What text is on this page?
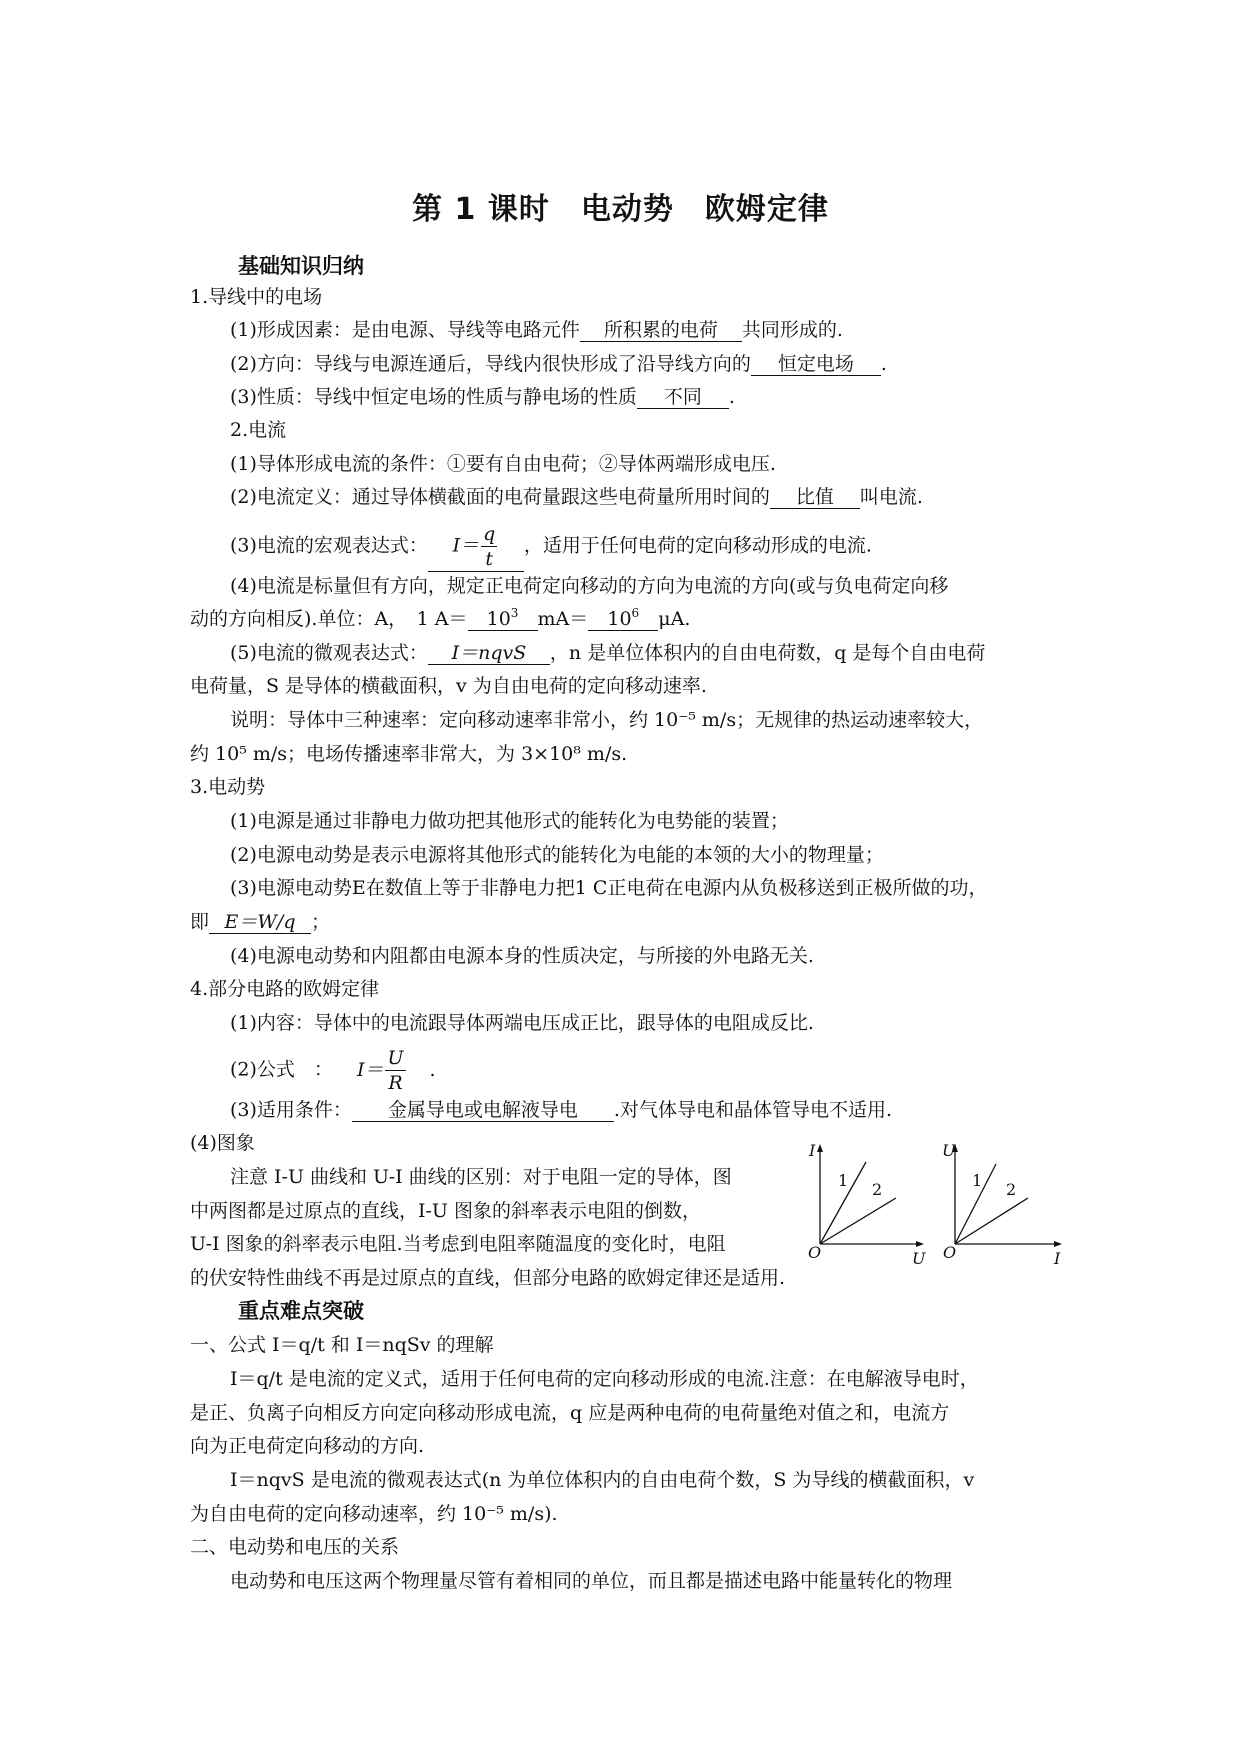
第 1 课时　电动势　欧姆定律
基础知识归纳
1.导线中的电场
(1)形成因素：是由电源、导线等电路元件 所积累的电荷 共同形成的.
(2)方向：导线与电源连通后，导线内很快形成了沿导线方向的 恒定电场 .
(3)性质：导线中恒定电场的性质与静电场的性质 不同 .
2.电流
(1)导体形成电流的条件：①要有自由电荷；②导体两端形成电压.
(2)电流定义：通过导体横截面的电荷量跟这些电荷量所用时间的 比值 叫电流.
(3)电流的宏观表达式： $I= \frac{q}{t}$ ，适用于任何电荷的定向移动形成的电流.
(4)电流是标量但有方向，规定正电荷定向移动的方向为电流的方向(或与负电荷定向移
动的方向相反).单位：A，　1 $A= 10^3$ $mA= 10^6$ μA.
(5)电流的微观表达式： I＝nqvS ，n 是单位体积内的自由电荷数，q 是每个自由电荷
电荷量，S 是导体的横截面积，v 为自由电荷的定向移动速率.
说明：导体中三种速率：定向移动速率非常小，约 10⁻⁵ m/s；无规律的热运动速率较大，
约 10⁵ m/s；电场传播速率非常大，为 3×10⁸ m/s.
3.电动势
(1)电源是通过非静电力做功把其他形式的能转化为电势能的装置；
(2)电源电动势是表示电源将其他形式的能转化为电能的本领的大小的物理量；
(3)电源电动势E在数值上等于非静电力把1 C正电荷在电源内从负极移送到正极所做的功，
即 E＝W/q ；
(4)电源电动势和内阻都由电源本身的性质决定，与所接的外电路无关.
4.部分电路的欧姆定律
(1)内容：导体中的电流跟导体两端电压成正比，跟导体的电阻成反比.
(2)公式　： $I= \frac{U}{R}$ .
(3)适用条件： 金属导电或电解液导电 .对气体导电和晶体管导电不适用.
(4)图象
注意 I-U 曲线和 U-I 曲线的区别：对于电阻一定的导体，图
中两图都是过原点的直线，I-U 图象的斜率表示电阻的倒数，
U-I 图象的斜率表示电阻.当考虑到电阻率随温度的变化时，电阻
的伏安特性曲线不再是过原点的直线，但部分电路的欧姆定律还是适用.
I
U
O
1 2
U
I
O
1 2
重点难点突破
一、公式 I＝q/t 和 I＝nqSv 的理解
I＝q/t 是电流的定义式，适用于任何电荷的定向移动形成的电流.注意：在电解液导电时，
是正、负离子向相反方向定向移动形成电流，q 应是两种电荷的电荷量绝对值之和，电流方
向为正电荷定向移动的方向.
I＝nqvS 是电流的微观表达式(n 为单位体积内的自由电荷个数，S 为导线的横截面积，v
为自由电荷的定向移动速率，约 10⁻⁵ m/s).
二、电动势和电压的关系
电动势和电压这两个物理量尽管有着相同的单位，而且都是描述电路中能量转化的物理
